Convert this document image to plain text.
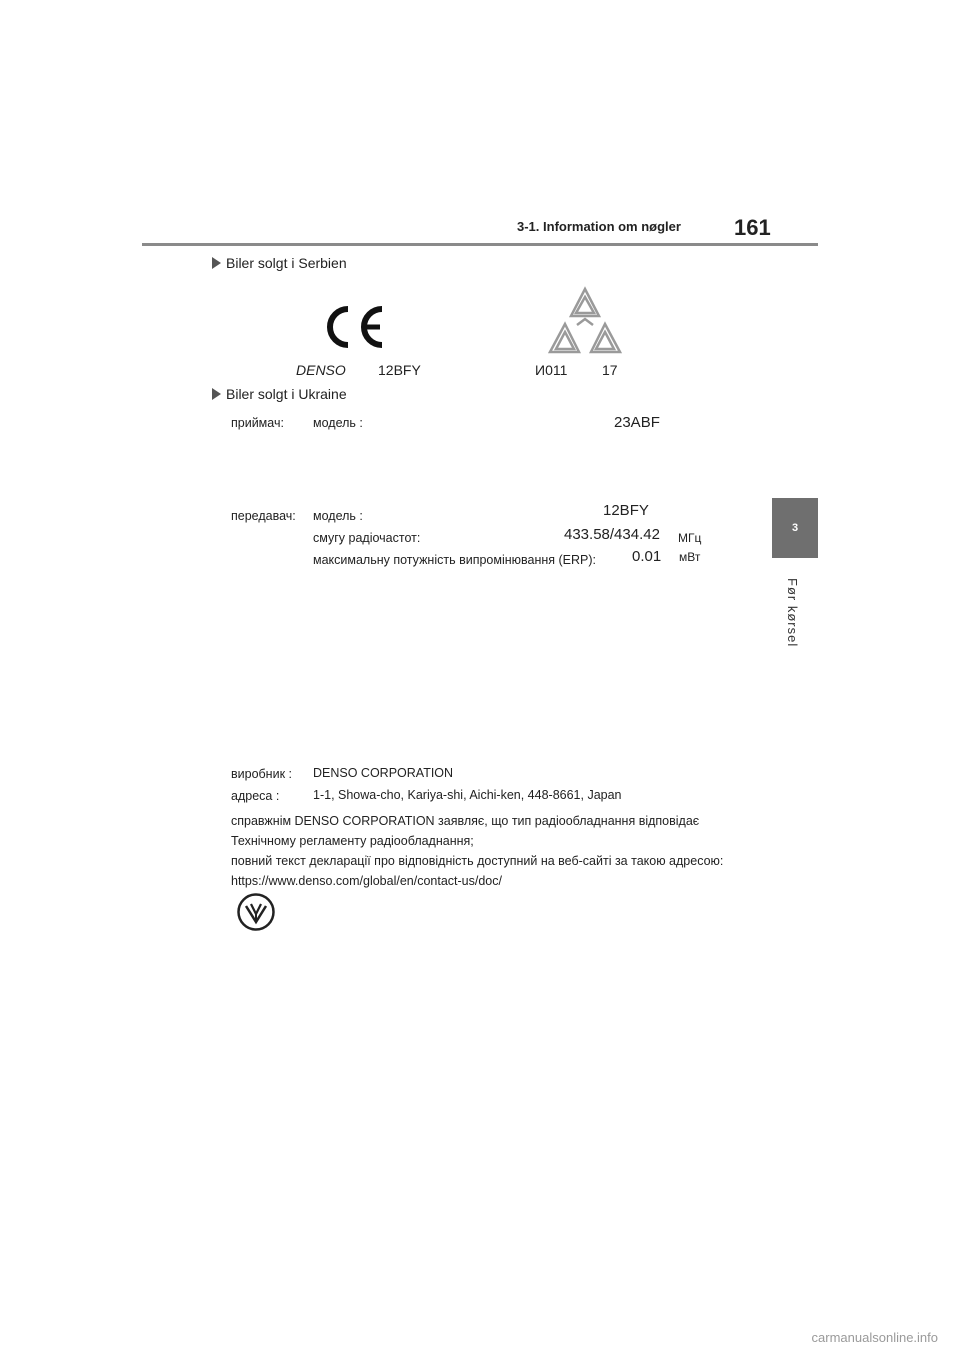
3-1. Information om nøgler 161
3
Før kørsel
Biler solgt i Serbien
DENSO 12BFY	И011 17
Biler solgt i Ukraine
приймач: модель :	23ABF
передавач: модель :	12BFY
смугу радіочастот:	433.58/434.42 МГц
максимальну потужність випромінювання (ERP): 0.01 мВт
виробник : DENSO CORPORATION
адреса :	1-1, Showa-cho, Kariya-shi, Aichi-ken, 448-8661, Japan
справжнім DENSO CORPORATION заявляє, що тип радіообладнання відповідає
Технічному регламенту радіообладнання;
повний текст декларації про відповідність доступний на веб-сайті за такою адресою:
https://www.denso.com/global/en/contact-us/doc/
carmanualsonline.info
